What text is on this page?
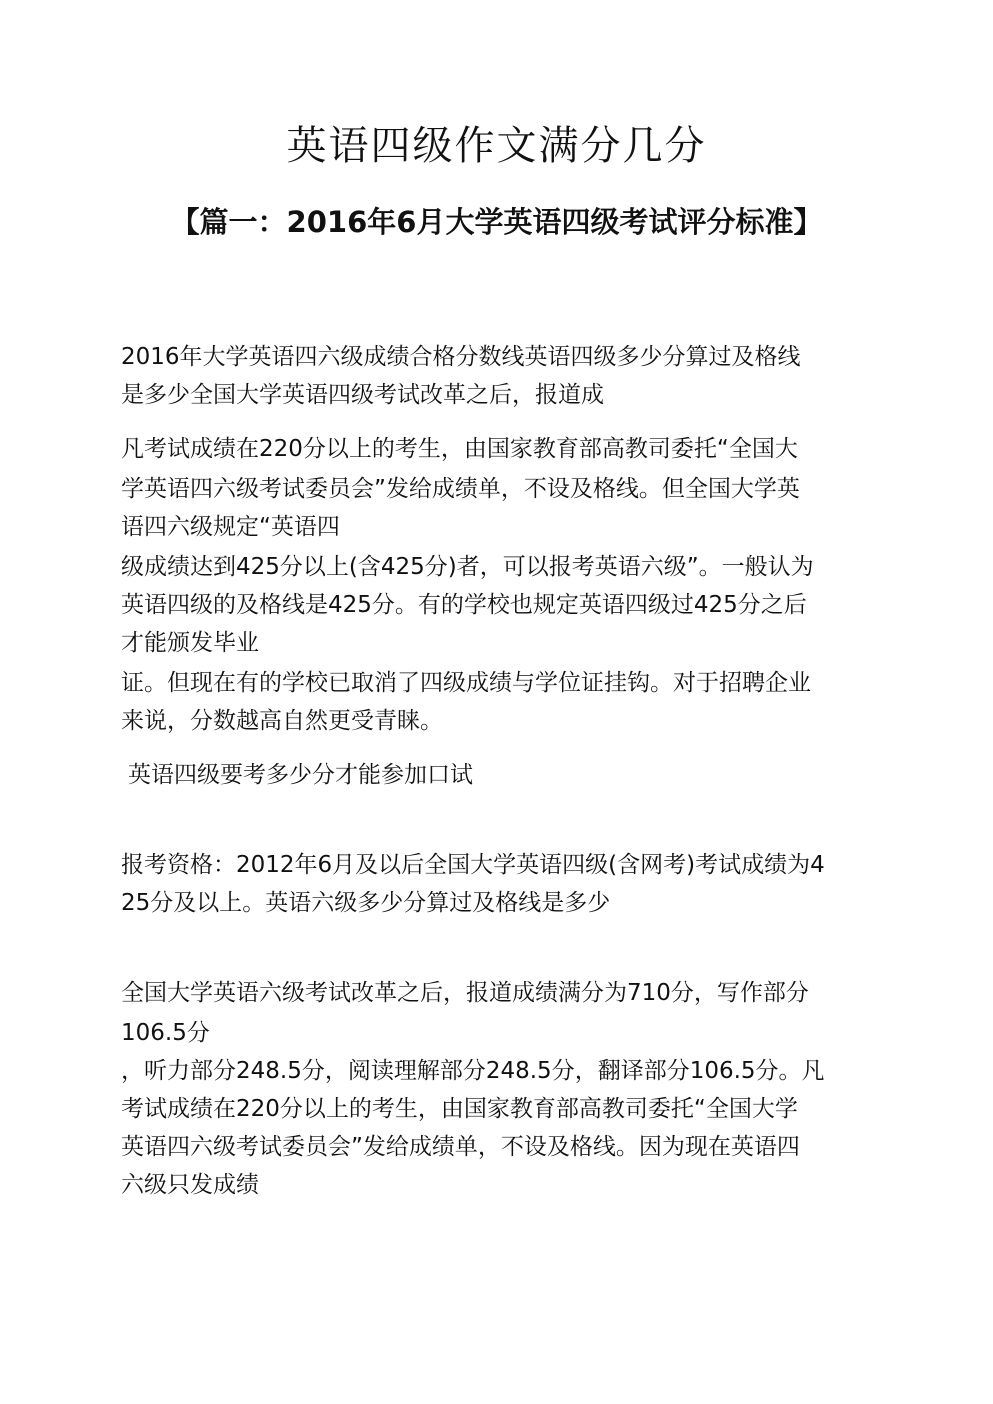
英语四级作文满分几分
【篇一：2016年6月大学英语四级考试评分标准】

2016年大学英语四六级成绩合格分数线英语四级多少分算过及格线

是多少全国大学英语四级考试改革之后，报道成

凡考试成绩在220分以上的考生，由国家教育部高教司委托“全国大

学英语四六级考试委员会”发给成绩单，不设及格线。但全国大学英

语四六级规定“英语四

级成绩达到425分以上(含425分)者，可以报考英语六级”。一般认为

英语四级的及格线是425分。有的学校也规定英语四级过425分之后

才能颁发毕业

证。但现在有的学校已取消了四级成绩与学位证挂钩。对于招聘企业

来说，分数越高自然更受青睐。

英语四级要考多少分才能参加口试

报考资格：2012年6月及以后全国大学英语四级(含网考)考试成绩为4

25分及以上。英语六级多少分算过及格线是多少

全国大学英语六级考试改革之后，报道成绩满分为710分，写作部分

106.5分

，听力部分248.5分，阅读理解部分248.5分，翻译部分106.5分。凡

考试成绩在220分以上的考生，由国家教育部高教司委托“全国大学

英语四六级考试委员会”发给成绩单，不设及格线。因为现在英语四

六级只发成绩
